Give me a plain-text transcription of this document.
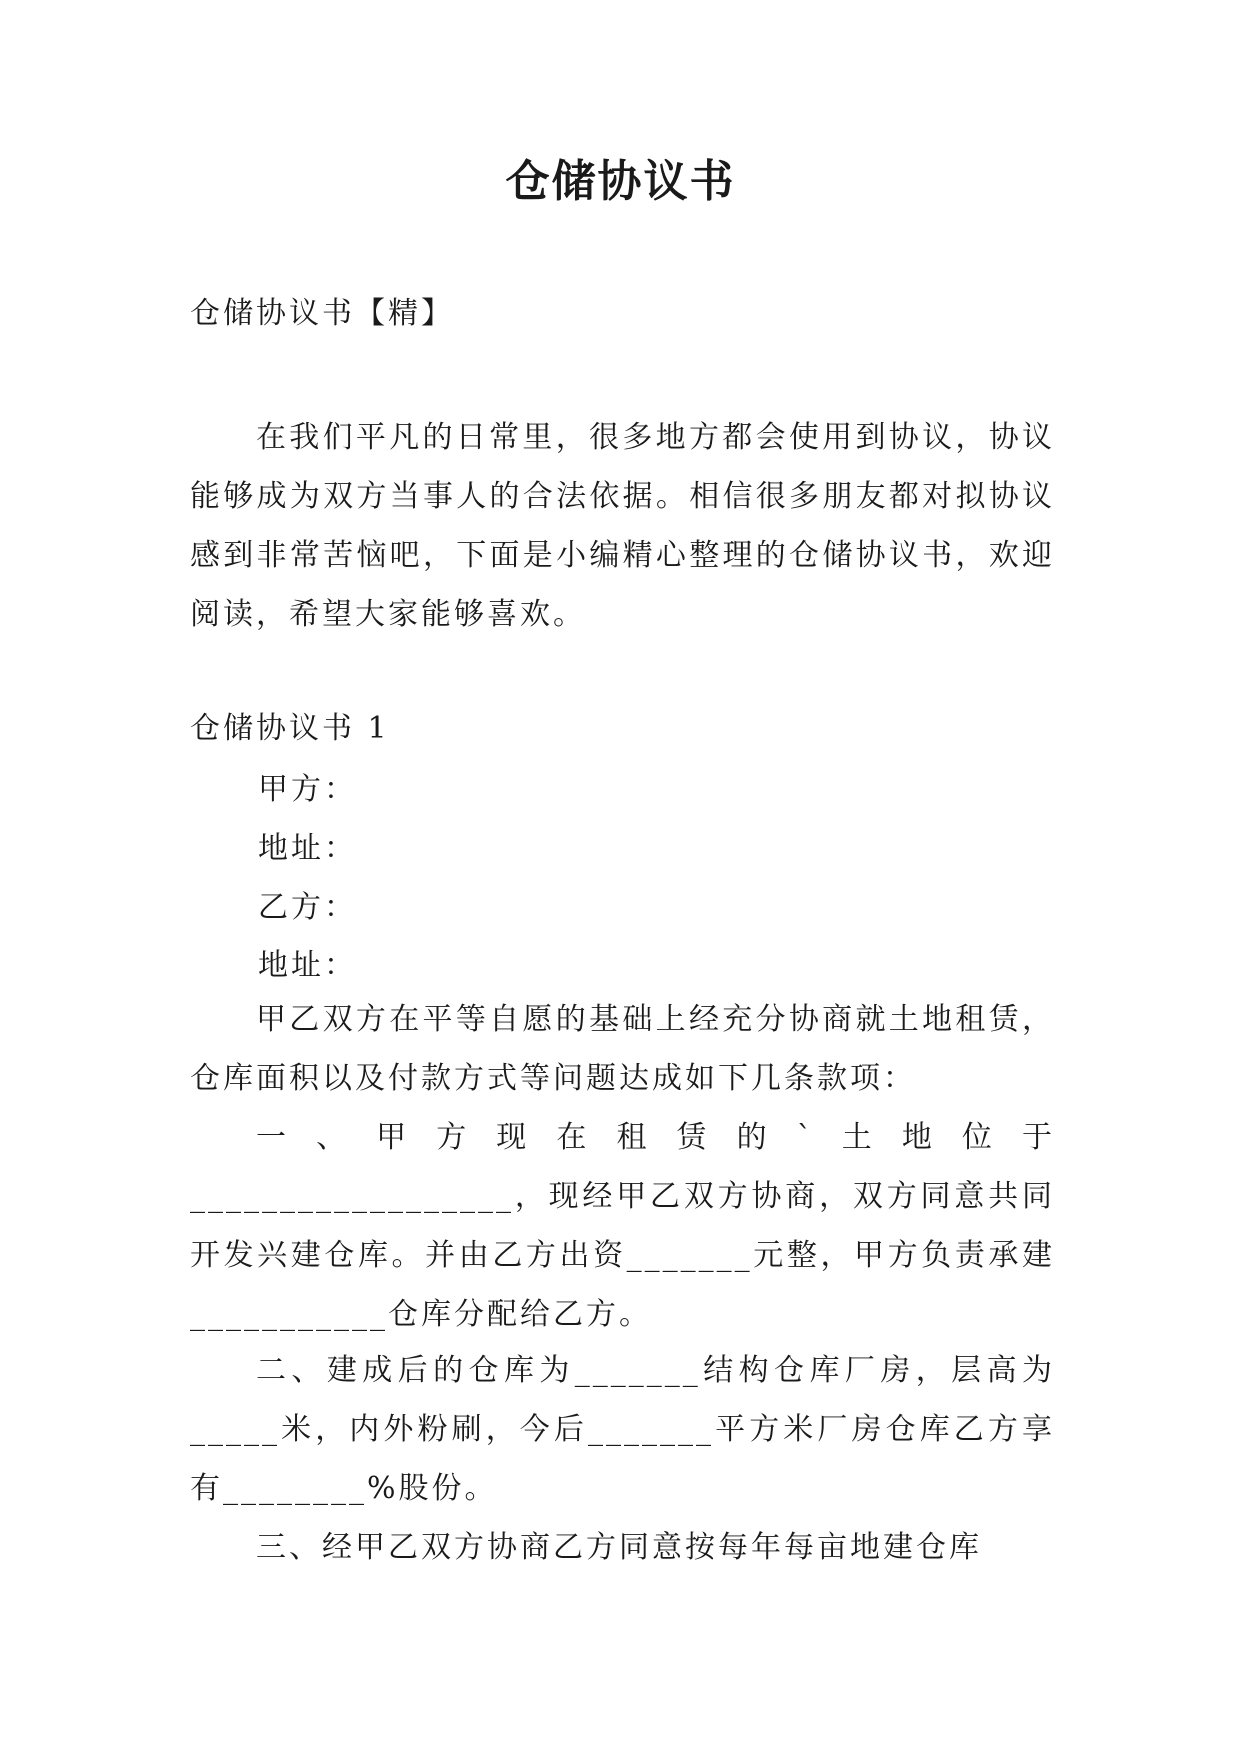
仓储协议书
仓储协议书【精】
在我们平凡的日常里，很多地方都会使用到协议，协议能够成为双方当事人的合法依据。相信很多朋友都对拟协议感到非常苦恼吧，下面是小编精心整理的仓储协议书，欢迎阅读，希望大家能够喜欢。
仓储协议书 1
甲方：
地址：
乙方：
地址：
甲乙双方在平等自愿的基础上经充分协商就土地租赁，仓库面积以及付款方式等问题达成如下几条款项：
一、甲方现在租赁的`土地位于__________________，现经甲乙双方协商，双方同意共同开发兴建仓库。并由乙方出资_______元整，甲方负责承建___________仓库分配给乙方。
二、建成后的仓库为_______结构仓库厂房，层高为_____米，内外粉刷，今后_______平方米厂房仓库乙方享有________%股份。
三、经甲乙双方协商乙方同意按每年每亩地建仓库
